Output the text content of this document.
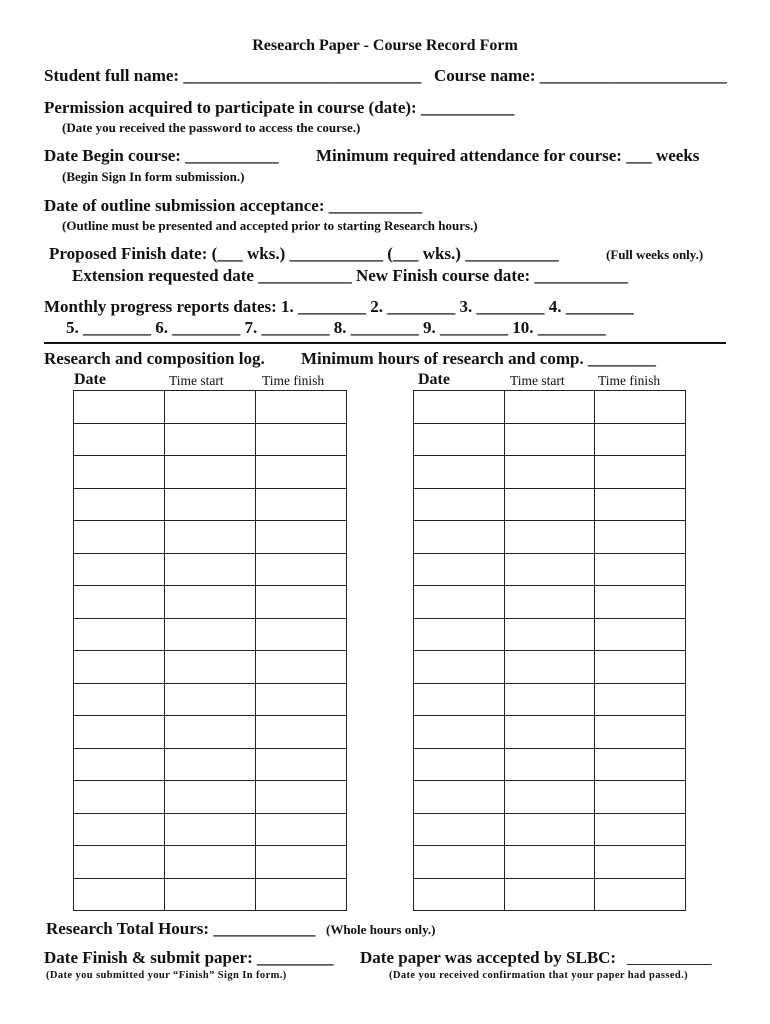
Research Paper - Course Record Form
Student full name: ____________________________ Course name: ______________________
Permission acquired to participate in course (date): ___________
(Date you received the password to access the course.)
Date Begin course: ___________ Minimum required attendance for course: ___ weeks
(Begin Sign In form submission.)
Date of outline submission acceptance: ___________
(Outline must be presented and accepted prior to starting Research hours.)
Proposed Finish date: (___ wks.) ___________ (___ wks.) ___________	(Full weeks only.)
Extension requested date ___________ New Finish course date: ___________
Monthly progress reports dates: 1. ________ 2. ________ 3. ________ 4. ________
5. ________ 6. ________ 7. ________ 8. ________ 9. ________ 10. ________
Research and composition log. Minimum hours of research and comp. ________
Date	Time start	Time finish	Date	Time start Time finish

Research Total Hours: ____________ (Whole hours only.)
Date Finish & submit paper: _________ Date paper was accepted by SLBC: _____________
(Date you submitted your “Finish” Sign In form.)	(Date you received confirmation that your paper had passed.)
